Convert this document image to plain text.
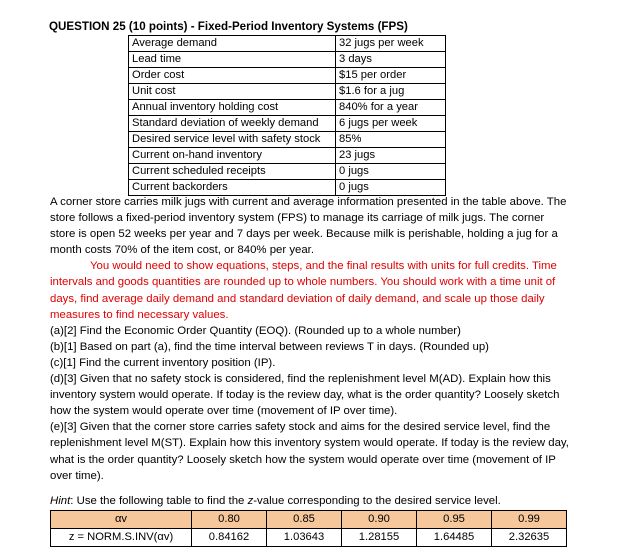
QUESTION 25 (10 points) - Fixed-Period Inventory Systems (FPS)
Average demand	32 jugs per week
Lead time	3 days
Order cost	$15 per order
Unit cost	$1.6 for a jug
Annual inventory holding cost	840% for a year
Standard deviation of weekly demand	6 jugs per week
Desired service level with safety stock	85%
Current on-hand inventory	23 jugs
Current scheduled receipts	0 jugs
Current backorders	0 jugs

A corner store carries milk jugs with current and average information presented in the table above. The store follows a fixed-period inventory system (FPS) to manage its carriage of milk jugs. The corner store is open 52 weeks per year and 7 days per week. Because milk is perishable, holding a jug for a month costs 70% of the item cost, or 840% per year.

You would need to show equations, steps, and the final results with units for full credits. Time intervals and goods quantities are rounded up to whole numbers. You should work with a time unit of days, find average daily demand and standard deviation of daily demand, and scale up those daily measures to find necessary values.

(a)[2] Find the Economic Order Quantity (EOQ). (Rounded up to a whole number)

(b)[1] Based on part (a), find the time interval between reviews T in days. (Rounded up)

(c)[1] Find the current inventory position (IP).

(d)[3] Given that no safety stock is considered, find the replenishment level M(AD). Explain how this inventory system would operate. If today is the review day, what is the order quantity? Loosely sketch how the system would operate over time (movement of IP over time).

(e)[3] Given that the corner store carries safety stock and aims for the desired service level, find the replenishment level M(ST). Explain how this inventory system would operate. If today is the review day, what is the order quantity? Loosely sketch how the system would operate over time (movement of IP over time).

Hint: Use the following table to find the z-value corresponding to the desired service level.
αv	0.80	0.85	0.90	0.95	0.99
z = NORM.S.INV(αv)	0.84162	1.03643	1.28155	1.64485	2.32635
